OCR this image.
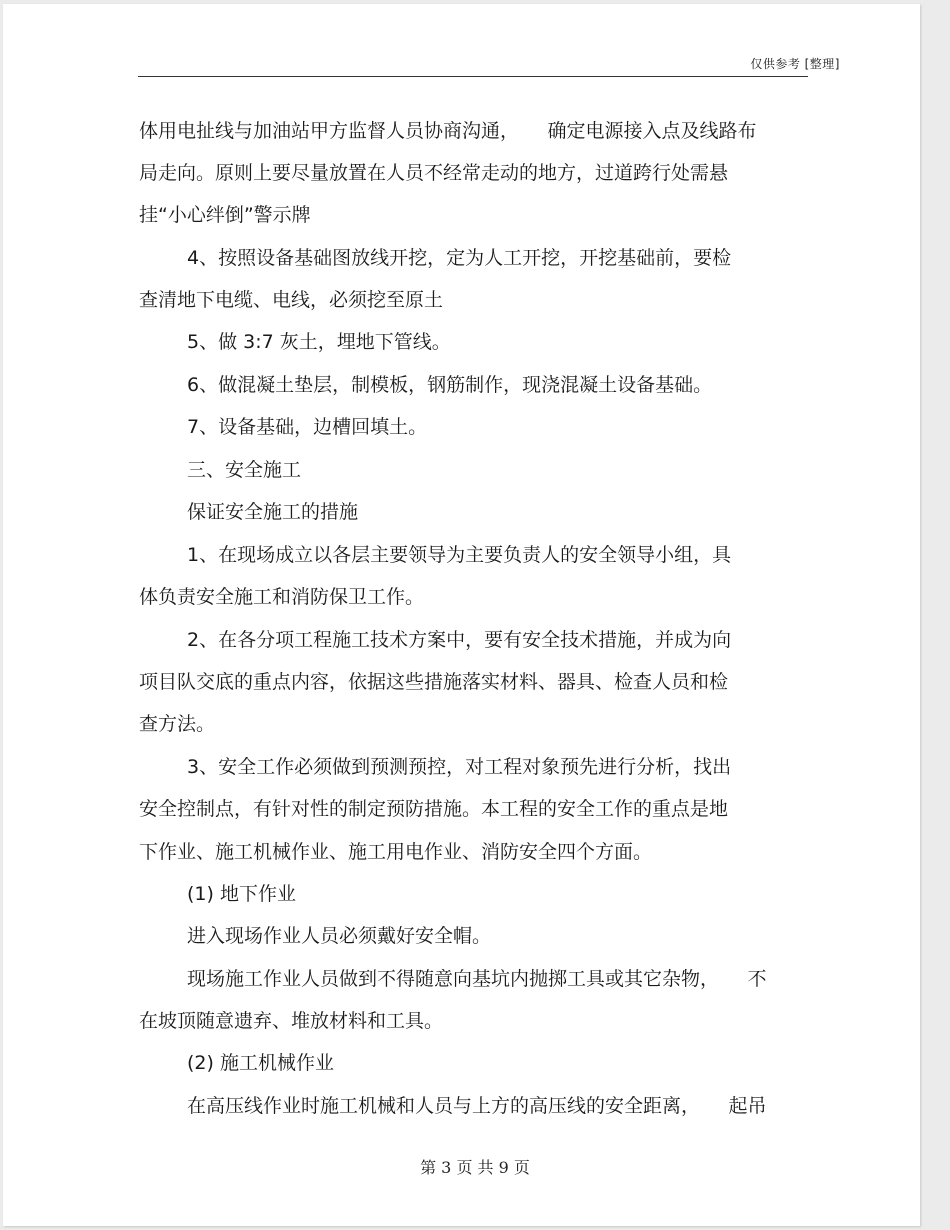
仅供参考 [整理]
体用电扯线与加油站甲方监督人员协商沟通，　　确定电源接入点及线路布
局走向。原则上要尽量放置在人员不经常走动的地方，过道跨行处需悬
挂“小心绊倒”警示牌
4、按照设备基础图放线开挖，定为人工开挖，开挖基础前，要检
查清地下电缆、电线，必须挖至原土
5、做 3:7 灰土，埋地下管线。
6、做混凝土垫层，制模板，钢筋制作，现浇混凝土设备基础。
7、设备基础，边槽回填土。
三、安全施工
保证安全施工的措施
1、在现场成立以各层主要领导为主要负责人的安全领导小组，具
体负责安全施工和消防保卫工作。
2、在各分项工程施工技术方案中，要有安全技术措施，并成为向
项目队交底的重点内容，依据这些措施落实材料、器具、检查人员和检
查方法。
3、安全工作必须做到预测预控，对工程对象预先进行分析，找出
安全控制点，有针对性的制定预防措施。本工程的安全工作的重点是地
下作业、施工机械作业、施工用电作业、消防安全四个方面。
(1) 地下作业
进入现场作业人员必须戴好安全帽。
现场施工作业人员做到不得随意向基坑内抛掷工具或其它杂物，　　不
在坡顶随意遗弃、堆放材料和工具。
(2) 施工机械作业
在高压线作业时施工机械和人员与上方的高压线的安全距离，　　起吊
第 3 页 共 9 页
